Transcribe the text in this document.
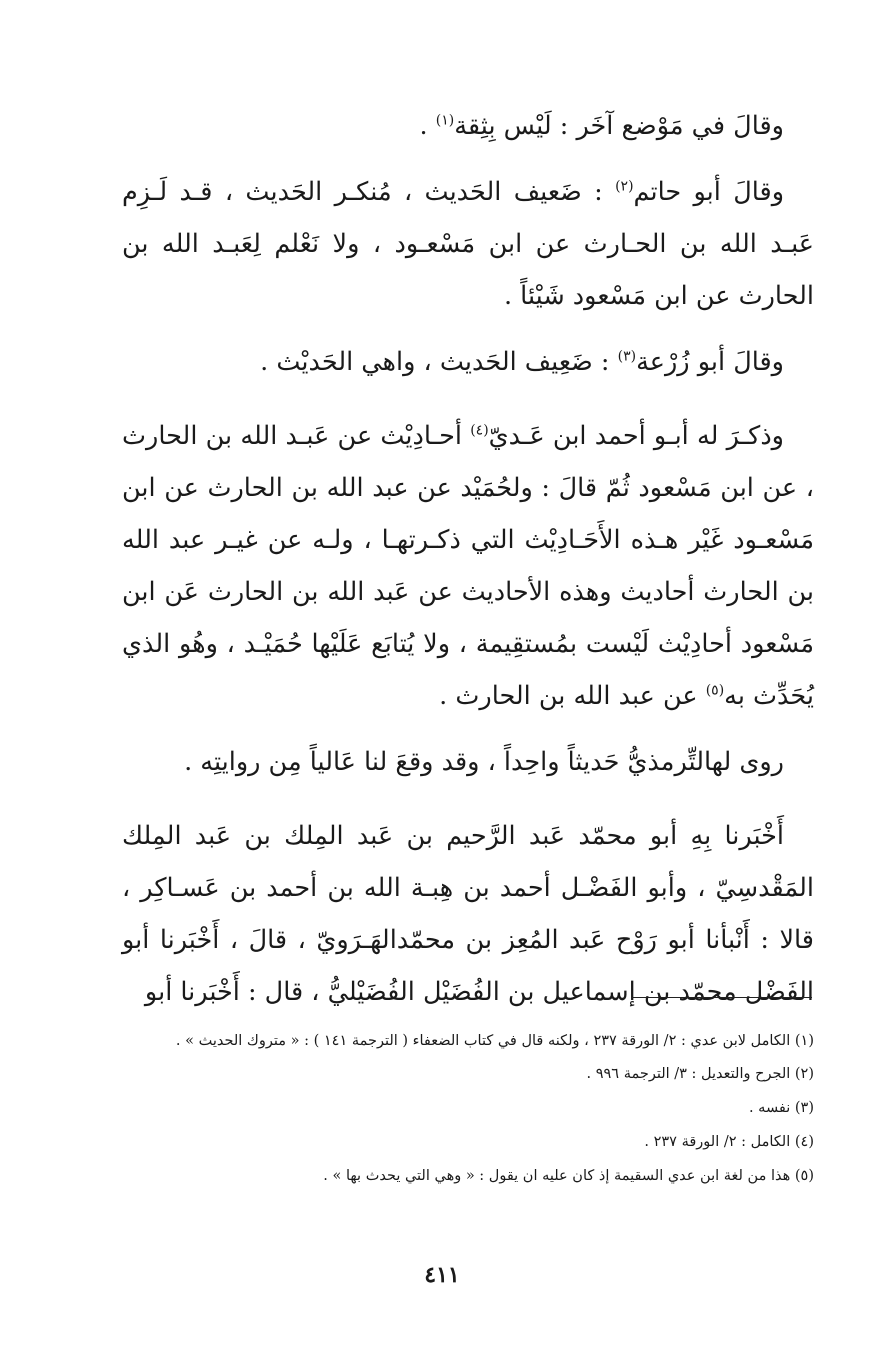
وقالَ في مَوْضع آخَر : لَيْس بِثِقة$^{(١)}$ .

وقالَ أبو حاتم$^{(٢)}$ : ضَعيف الحَديث ، مُنكـر الحَديث ، قـد لَـزِم عَبـد الله بن الحـارث عن ابن مَسْعـود ، ولا نَعْلم لِعَبـد الله بن الحارث عن ابن مَسْعود شَيْئاً .

وقالَ أبو زُرْعة$^{(٣)}$ : ضَعِيف الحَديث ، واهي الحَديْث .

وذكـرَ له أبـو أحمد ابن عَـديّ$^{(٤)}$ أحـادِيْث عن عَبـد الله بن الحارث ، عن ابن مَسْعود ثُمّ قالَ : ولحُمَيْد عن عبد الله بن الحارث عن ابن مَسْعـود غَيْر هـذه الأَحَـادِيْث التي ذكـرتهـا ، ولـه عن غيـر عبد الله بن الحارث أحاديث وهذه الأحاديث عن عَبد الله بن الحارث عَن ابن مَسْعود أحادِيْث لَيْست بمُستقِيمة ، ولا يُتابَع عَلَيْها حُمَيْـد ، وهُو الذي يُحَدِّث به$^{(٥)}$ عن عبد الله بن الحارث .

روى لهالتِّرمذيُّ حَديثاً واحِداً ، وقد وقعَ لنا عَالياً مِن روايتِه .

أَخْبَرنا بِهِ أبو محمّد عَبد الرَّحيم بن عَبد المِلك بن عَبد المِلك المَقْدسِيّ ، وأبو الفَضْـل أحمد بن هِبـة الله بن أحمد بن عَسـاكِر ، قالا : أَنْبأنا أبو رَوْح عَبد المُعِز بن محمّدالهَـرَويّ ، قالَ ، أَخْبَرنا أبو الفَضْل محمّد بن إسماعيل بن الفُضَيْل الفُضَيْليُّ ، قال : أَخْبَرنا أبو

(١) الكامل لابن عدي : ٢/ الورقة ٢٣٧ ، ولكنه قال في كتاب الضعفاء ( الترجمة ١٤١ ) : « متروك الحديث » .

(٢) الجرح والتعديل : ٣/ الترجمة ٩٩٦ .

(٣) نفسه .

(٤) الكامل : ٢/ الورقة ٢٣٧ .

(٥) هذا من لغة ابن عدي السقيمة إذ كان عليه ان يقول : « وهي التي يحدث بها » .

٤١١
